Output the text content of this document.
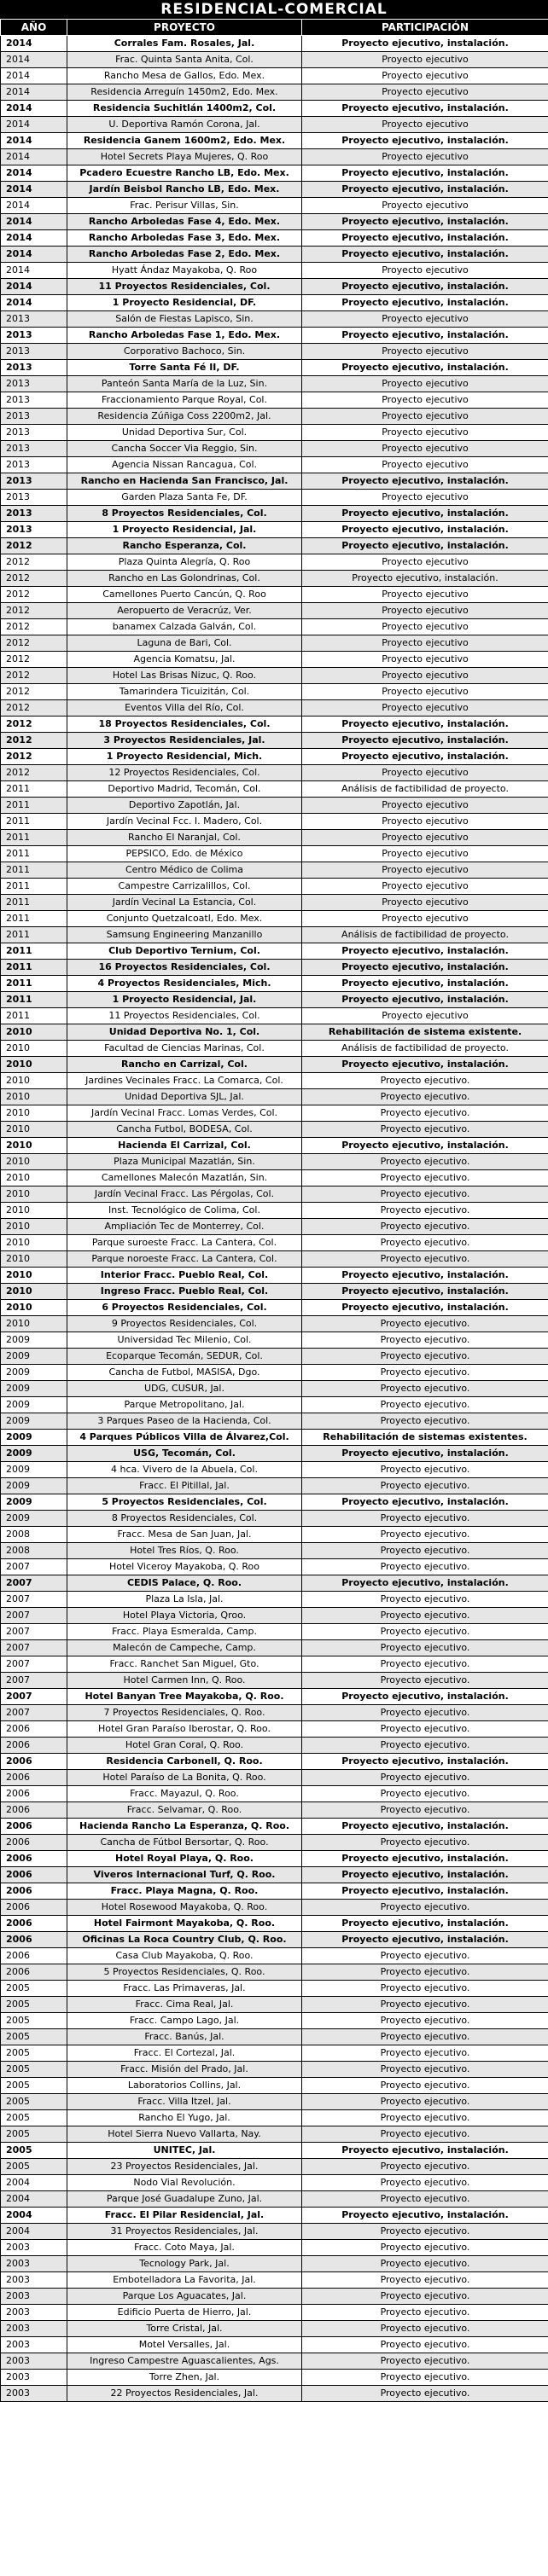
RESIDENCIAL-COMERCIAL
AÑO	PROYECTO	PARTICIPACIÓN
2014	Corrales Fam. Rosales, Jal.	Proyecto ejecutivo, instalación.
2014	Frac. Quinta Santa Anita, Col.	Proyecto ejecutivo
2014	Rancho Mesa de Gallos, Edo. Mex.	Proyecto ejecutivo
2014	Residencia Arreguín 1450m2, Edo. Mex.	Proyecto ejecutivo
2014	Residencia Suchitlán 1400m2, Col.	Proyecto ejecutivo, instalación.
2014	U. Deportiva Ramón Corona, Jal.	Proyecto ejecutivo
2014	Residencia Ganem 1600m2, Edo. Mex.	Proyecto ejecutivo, instalación.
2014	Hotel Secrets Playa Mujeres, Q. Roo	Proyecto ejecutivo
2014	Pcadero Ecuestre Rancho LB, Edo. Mex.	Proyecto ejecutivo, instalación.
2014	Jardín Beisbol Rancho LB, Edo. Mex.	Proyecto ejecutivo, instalación.
2014	Frac. Perisur Villas, Sin.	Proyecto ejecutivo
2014	Rancho Arboledas Fase 4, Edo. Mex.	Proyecto ejecutivo, instalación.
2014	Rancho Arboledas Fase 3, Edo. Mex.	Proyecto ejecutivo, instalación.
2014	Rancho Arboledas Fase 2, Edo. Mex.	Proyecto ejecutivo, instalación.
2014	Hyatt Ándaz Mayakoba, Q. Roo	Proyecto ejecutivo
2014	11 Proyectos Residenciales, Col.	Proyecto ejecutivo, instalación.
2014	1 Proyecto Residencial, DF.	Proyecto ejecutivo, instalación.
2013	Salón de Fiestas Lapisco, Sin.	Proyecto ejecutivo
2013	Rancho Arboledas Fase 1, Edo. Mex.	Proyecto ejecutivo, instalación.
2013	Corporativo Bachoco, Sin.	Proyecto ejecutivo
2013	Torre Santa Fé II, DF.	Proyecto ejecutivo, instalación.
2013	Panteón Santa María de la Luz, Sin.	Proyecto ejecutivo
2013	Fraccionamiento Parque Royal, Col.	Proyecto ejecutivo
2013	Residencia Zúñiga Coss 2200m2, Jal.	Proyecto ejecutivo
2013	Unidad Deportiva Sur, Col.	Proyecto ejecutivo
2013	Cancha Soccer Via Reggio, Sin.	Proyecto ejecutivo
2013	Agencia Nissan Rancagua, Col.	Proyecto ejecutivo
2013	Rancho en Hacienda San Francisco, Jal.	Proyecto ejecutivo, instalación.
2013	Garden Plaza Santa Fe, DF.	Proyecto ejecutivo
2013	8 Proyectos Residenciales, Col.	Proyecto ejecutivo, instalación.
2013	1 Proyecto Residencial, Jal.	Proyecto ejecutivo, instalación.
2012	Rancho Esperanza, Col.	Proyecto ejecutivo, instalación.
2012	Plaza Quinta Alegría, Q. Roo	Proyecto ejecutivo
2012	Rancho en Las Golondrinas, Col.	Proyecto ejecutivo, instalación.
2012	Camellones Puerto Cancún, Q. Roo	Proyecto ejecutivo
2012	Aeropuerto de Veracrúz, Ver.	Proyecto ejecutivo
2012	banamex Calzada Galván, Col.	Proyecto ejecutivo
2012	Laguna de Bari, Col.	Proyecto ejecutivo
2012	Agencia Komatsu, Jal.	Proyecto ejecutivo
2012	Hotel Las Brisas Nizuc, Q. Roo.	Proyecto ejecutivo
2012	Tamarindera Ticuizitán, Col.	Proyecto ejecutivo
2012	Eventos Villa del Río, Col.	Proyecto ejecutivo
2012	18 Proyectos Residenciales, Col.	Proyecto ejecutivo, instalación.
2012	3 Proyectos Residenciales, Jal.	Proyecto ejecutivo, instalación.
2012	1 Proyecto Residencial, Mich.	Proyecto ejecutivo, instalación.
2012	12 Proyectos Residenciales, Col.	Proyecto ejecutivo
2011	Deportivo Madrid, Tecomán, Col.	Análisis de factibilidad de proyecto.
2011	Deportivo Zapotlán, Jal.	Proyecto ejecutivo
2011	Jardín Vecinal Fcc. I. Madero, Col.	Proyecto ejecutivo
2011	Rancho El Naranjal, Col.	Proyecto ejecutivo
2011	PEPSICO, Edo. de México	Proyecto ejecutivo
2011	Centro Médico de Colima	Proyecto ejecutivo
2011	Campestre Carrizalillos, Col.	Proyecto ejecutivo
2011	Jardín Vecinal La Estancia, Col.	Proyecto ejecutivo
2011	Conjunto Quetzalcoatl, Edo. Mex.	Proyecto ejecutivo
2011	Samsung Engineering Manzanillo	Análisis de factibilidad de proyecto.
2011	Club Deportivo Ternium, Col.	Proyecto ejecutivo, instalación.
2011	16 Proyectos Residenciales, Col.	Proyecto ejecutivo, instalación.
2011	4 Proyectos Residenciales, Mich.	Proyecto ejecutivo, instalación.
2011	1 Proyecto Residencial, Jal.	Proyecto ejecutivo, instalación.
2011	11 Proyectos Residenciales, Col.	Proyecto ejecutivo
2010	Unidad Deportiva No. 1, Col.	Rehabilitación de sistema existente.
2010	Facultad de Ciencias Marinas, Col.	Análisis de factibilidad de proyecto.
2010	Rancho en Carrizal, Col.	Proyecto ejecutivo, instalación.
2010	Jardines Vecinales Fracc. La Comarca, Col.	Proyecto ejecutivo.
2010	Unidad Deportiva SJL, Jal.	Proyecto ejecutivo.
2010	Jardín Vecinal Fracc. Lomas Verdes, Col.	Proyecto ejecutivo.
2010	Cancha Futbol, BODESA, Col.	Proyecto ejecutivo.
2010	Hacienda El Carrizal, Col.	Proyecto ejecutivo, instalación.
2010	Plaza Municipal Mazatlán, Sin.	Proyecto ejecutivo.
2010	Camellones Malecón Mazatlán, Sin.	Proyecto ejecutivo.
2010	Jardín Vecinal Fracc. Las Pérgolas, Col.	Proyecto ejecutivo.
2010	Inst. Tecnológico de Colima, Col.	Proyecto ejecutivo.
2010	Ampliación Tec de Monterrey, Col.	Proyecto ejecutivo.
2010	Parque suroeste Fracc. La Cantera, Col.	Proyecto ejecutivo.
2010	Parque noroeste Fracc. La Cantera, Col.	Proyecto ejecutivo.
2010	Interior Fracc. Pueblo Real, Col.	Proyecto ejecutivo, instalación.
2010	Ingreso Fracc. Pueblo Real, Col.	Proyecto ejecutivo, instalación.
2010	6 Proyectos Residenciales, Col.	Proyecto ejecutivo, instalación.
2010	9 Proyectos Residenciales, Col.	Proyecto ejecutivo.
2009	Universidad Tec Milenio, Col.	Proyecto ejecutivo.
2009	Ecoparque Tecomán, SEDUR, Col.	Proyecto ejecutivo.
2009	Cancha de Futbol, MASISA, Dgo.	Proyecto ejecutivo.
2009	UDG, CUSUR, Jal.	Proyecto ejecutivo.
2009	Parque Metropolitano, Jal.	Proyecto ejecutivo.
2009	3 Parques Paseo de la Hacienda, Col.	Proyecto ejecutivo.
2009	4 Parques Públicos Villa de Álvarez,Col.	Rehabilitación de sistemas existentes.
2009	USG, Tecomán, Col.	Proyecto ejecutivo, instalación.
2009	4 hca. Vivero de la Abuela, Col.	Proyecto ejecutivo.
2009	Fracc. El Pitillal, Jal.	Proyecto ejecutivo.
2009	5 Proyectos Residenciales, Col.	Proyecto ejecutivo, instalación.
2009	8 Proyectos Residenciales, Col.	Proyecto ejecutivo.
2008	Fracc. Mesa de San Juan, Jal.	Proyecto ejecutivo.
2008	Hotel Tres Ríos, Q. Roo.	Proyecto ejecutivo.
2007	Hotel Viceroy Mayakoba, Q. Roo	Proyecto ejecutivo.
2007	CEDIS Palace, Q. Roo.	Proyecto ejecutivo, instalación.
2007	Plaza La Isla, Jal.	Proyecto ejecutivo.
2007	Hotel Playa Victoria, Qroo.	Proyecto ejecutivo.
2007	Fracc. Playa Esmeralda, Camp.	Proyecto ejecutivo.
2007	Malecón de Campeche, Camp.	Proyecto ejecutivo.
2007	Fracc. Ranchet San Miguel, Gto.	Proyecto ejecutivo.
2007	Hotel Carmen Inn, Q. Roo.	Proyecto ejecutivo.
2007	Hotel Banyan Tree Mayakoba, Q. Roo.	Proyecto ejecutivo, instalación.
2007	7 Proyectos Residenciales, Q. Roo.	Proyecto ejecutivo.
2006	Hotel Gran Paraíso Iberostar, Q. Roo.	Proyecto ejecutivo.
2006	Hotel Gran Coral, Q. Roo.	Proyecto ejecutivo.
2006	Residencia Carbonell, Q. Roo.	Proyecto ejecutivo, instalación.
2006	Hotel Paraíso de La Bonita, Q. Roo.	Proyecto ejecutivo.
2006	Fracc. Mayazul, Q. Roo.	Proyecto ejecutivo.
2006	Fracc. Selvamar, Q. Roo.	Proyecto ejecutivo.
2006	Hacienda Rancho La Esperanza, Q. Roo.	Proyecto ejecutivo, instalación.
2006	Cancha de Fútbol Bersortar, Q. Roo.	Proyecto ejecutivo.
2006	Hotel Royal Playa, Q. Roo.	Proyecto ejecutivo, instalación.
2006	Viveros Internacional Turf, Q. Roo.	Proyecto ejecutivo, instalación.
2006	Fracc. Playa Magna, Q. Roo.	Proyecto ejecutivo, instalación.
2006	Hotel Rosewood Mayakoba, Q. Roo.	Proyecto ejecutivo.
2006	Hotel Fairmont Mayakoba, Q. Roo.	Proyecto ejecutivo, instalación.
2006	Oficinas La Roca Country Club, Q. Roo.	Proyecto ejecutivo, instalación.
2006	Casa Club Mayakoba, Q. Roo.	Proyecto ejecutivo.
2006	5 Proyectos Residenciales, Q. Roo.	Proyecto ejecutivo.
2005	Fracc. Las Primaveras, Jal.	Proyecto ejecutivo.
2005	Fracc. Cima Real, Jal.	Proyecto ejecutivo.
2005	Fracc. Campo Lago, Jal.	Proyecto ejecutivo.
2005	Fracc. Banús, Jal.	Proyecto ejecutivo.
2005	Fracc. El Cortezal, Jal.	Proyecto ejecutivo.
2005	Fracc. Misión del Prado, Jal.	Proyecto ejecutivo.
2005	Laboratorios Collins, Jal.	Proyecto ejecutivo.
2005	Fracc. Villa Itzel, Jal.	Proyecto ejecutivo.
2005	Rancho El Yugo, Jal.	Proyecto ejecutivo.
2005	Hotel Sierra Nuevo Vallarta, Nay.	Proyecto ejecutivo.
2005	UNITEC, Jal.	Proyecto ejecutivo, instalación.
2005	23 Proyectos Residenciales, Jal.	Proyecto ejecutivo.
2004	Nodo Vial Revolución.	Proyecto ejecutivo.
2004	Parque José Guadalupe Zuno, Jal.	Proyecto ejecutivo.
2004	Fracc. El Pilar Residencial, Jal.	Proyecto ejecutivo, instalación.
2004	31 Proyectos Residenciales, Jal.	Proyecto ejecutivo.
2003	Fracc. Coto Maya, Jal.	Proyecto ejecutivo.
2003	Tecnology Park, Jal.	Proyecto ejecutivo.
2003	Embotelladora La Favorita, Jal.	Proyecto ejecutivo.
2003	Parque Los Aguacates, Jal.	Proyecto ejecutivo.
2003	Edificio Puerta de Hierro, Jal.	Proyecto ejecutivo.
2003	Torre Cristal, Jal.	Proyecto ejecutivo.
2003	Motel Versalles, Jal.	Proyecto ejecutivo.
2003	Ingreso Campestre Aguascalientes, Ags.	Proyecto ejecutivo.
2003	Torre Zhen, Jal.	Proyecto ejecutivo.
2003	22 Proyectos Residenciales, Jal.	Proyecto ejecutivo.
